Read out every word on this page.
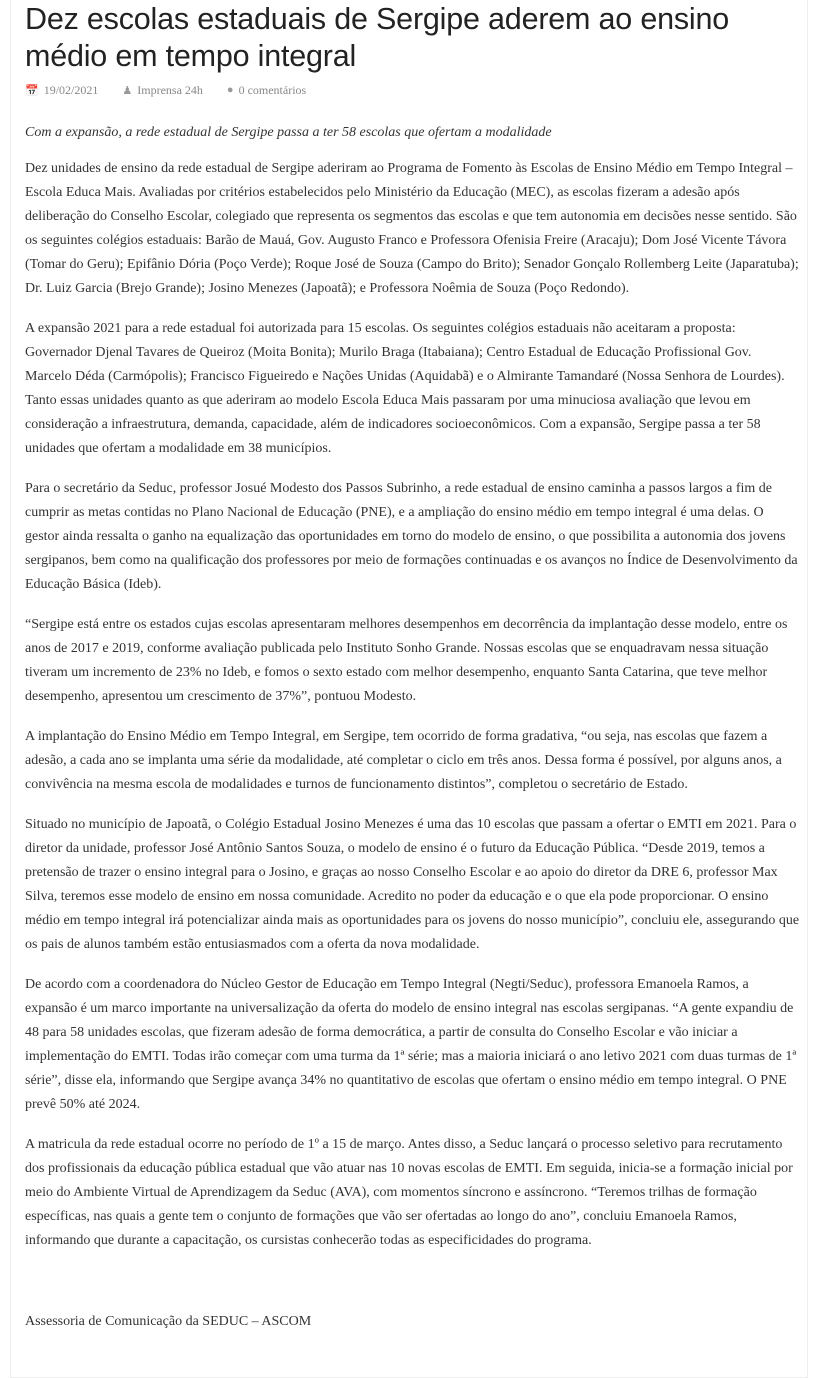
Dez escolas estaduais de Sergipe aderem ao ensino médio em tempo integral
📅 19/02/2021 ♟ Imprensa 24h ● 0 comentários
Com a expansão, a rede estadual de Sergipe passa a ter 58 escolas que ofertam a modalidade

Dez unidades de ensino da rede estadual de Sergipe aderiram ao Programa de Fomento às Escolas de Ensino Médio em Tempo Integral – Escola Educa Mais. Avaliadas por critérios estabelecidos pelo Ministério da Educação (MEC), as escolas fizeram a adesão após deliberação do Conselho Escolar, colegiado que representa os segmentos das escolas e que tem autonomia em decisões nesse sentido. São os seguintes colégios estaduais: Barão de Mauá, Gov. Augusto Franco e Professora Ofenisia Freire (Aracaju); Dom José Vicente Távora (Tomar do Geru); Epifânio Dória (Poço Verde); Roque José de Souza (Campo do Brito); Senador Gonçalo Rollemberg Leite (Japaratuba); Dr. Luiz Garcia (Brejo Grande); Josino Menezes (Japoatã); e Professora Noêmia de Souza (Poço Redondo).

A expansão 2021 para a rede estadual foi autorizada para 15 escolas. Os seguintes colégios estaduais não aceitaram a proposta: Governador Djenal Tavares de Queiroz (Moita Bonita); Murilo Braga (Itabaiana); Centro Estadual de Educação Profissional Gov. Marcelo Déda (Carmópolis); Francisco Figueiredo e Nações Unidas (Aquidabã) e o Almirante Tamandaré (Nossa Senhora de Lourdes). Tanto essas unidades quanto as que aderiram ao modelo Escola Educa Mais passaram por uma minuciosa avaliação que levou em consideração a infraestrutura, demanda, capacidade, além de indicadores socioeconômicos. Com a expansão, Sergipe passa a ter 58 unidades que ofertam a modalidade em 38 municípios.

Para o secretário da Seduc, professor Josué Modesto dos Passos Subrinho, a rede estadual de ensino caminha a passos largos a fim de cumprir as metas contidas no Plano Nacional de Educação (PNE), e a ampliação do ensino médio em tempo integral é uma delas. O gestor ainda ressalta o ganho na equalização das oportunidades em torno do modelo de ensino, o que possibilita a autonomia dos jovens sergipanos, bem como na qualificação dos professores por meio de formações continuadas e os avanços no Índice de Desenvolvimento da Educação Básica (Ideb).

“Sergipe está entre os estados cujas escolas apresentaram melhores desempenhos em decorrência da implantação desse modelo, entre os anos de 2017 e 2019, conforme avaliação publicada pelo Instituto Sonho Grande. Nossas escolas que se enquadravam nessa situação tiveram um incremento de 23% no Ideb, e fomos o sexto estado com melhor desempenho, enquanto Santa Catarina, que teve melhor desempenho, apresentou um crescimento de 37%”, pontuou Modesto.

A implantação do Ensino Médio em Tempo Integral, em Sergipe, tem ocorrido de forma gradativa, “ou seja, nas escolas que fazem a adesão, a cada ano se implanta uma série da modalidade, até completar o ciclo em três anos. Dessa forma é possível, por alguns anos, a convivência na mesma escola de modalidades e turnos de funcionamento distintos”, completou o secretário de Estado.

Situado no município de Japoatã, o Colégio Estadual Josino Menezes é uma das 10 escolas que passam a ofertar o EMTI em 2021. Para o diretor da unidade, professor José Antônio Santos Souza, o modelo de ensino é o futuro da Educação Pública. “Desde 2019, temos a pretensão de trazer o ensino integral para o Josino, e graças ao nosso Conselho Escolar e ao apoio do diretor da DRE 6, professor Max Silva, teremos esse modelo de ensino em nossa comunidade. Acredito no poder da educação e o que ela pode proporcionar. O ensino médio em tempo integral irá potencializar ainda mais as oportunidades para os jovens do nosso município”, concluiu ele, assegurando que os pais de alunos também estão entusiasmados com a oferta da nova modalidade.

De acordo com a coordenadora do Núcleo Gestor de Educação em Tempo Integral (Negti/Seduc), professora Emanoela Ramos, a expansão é um marco importante na universalização da oferta do modelo de ensino integral nas escolas sergipanas. “A gente expandiu de 48 para 58 unidades escolas, que fizeram adesão de forma democrática, a partir de consulta do Conselho Escolar e vão iniciar a implementação do EMTI. Todas irão começar com uma turma da 1ª série; mas a maioria iniciará o ano letivo 2021 com duas turmas de 1ª série”, disse ela, informando que Sergipe avança 34% no quantitativo de escolas que ofertam o ensino médio em tempo integral. O PNE prevê 50% até 2024.

A matricula da rede estadual ocorre no período de 1º a 15 de março. Antes disso, a Seduc lançará o processo seletivo para recrutamento dos profissionais da educação pública estadual que vão atuar nas 10 novas escolas de EMTI. Em seguida, inicia-se a formação inicial por meio do Ambiente Virtual de Aprendizagem da Seduc (AVA), com momentos síncrono e assíncrono. “Teremos trilhas de formação específicas, nas quais a gente tem o conjunto de formações que vão ser ofertadas ao longo do ano”, concluiu Emanoela Ramos, informando que durante a capacitação, os cursistas conhecerão todas as especificidades do programa.

Assessoria de Comunicação da SEDUC – ASCOM
